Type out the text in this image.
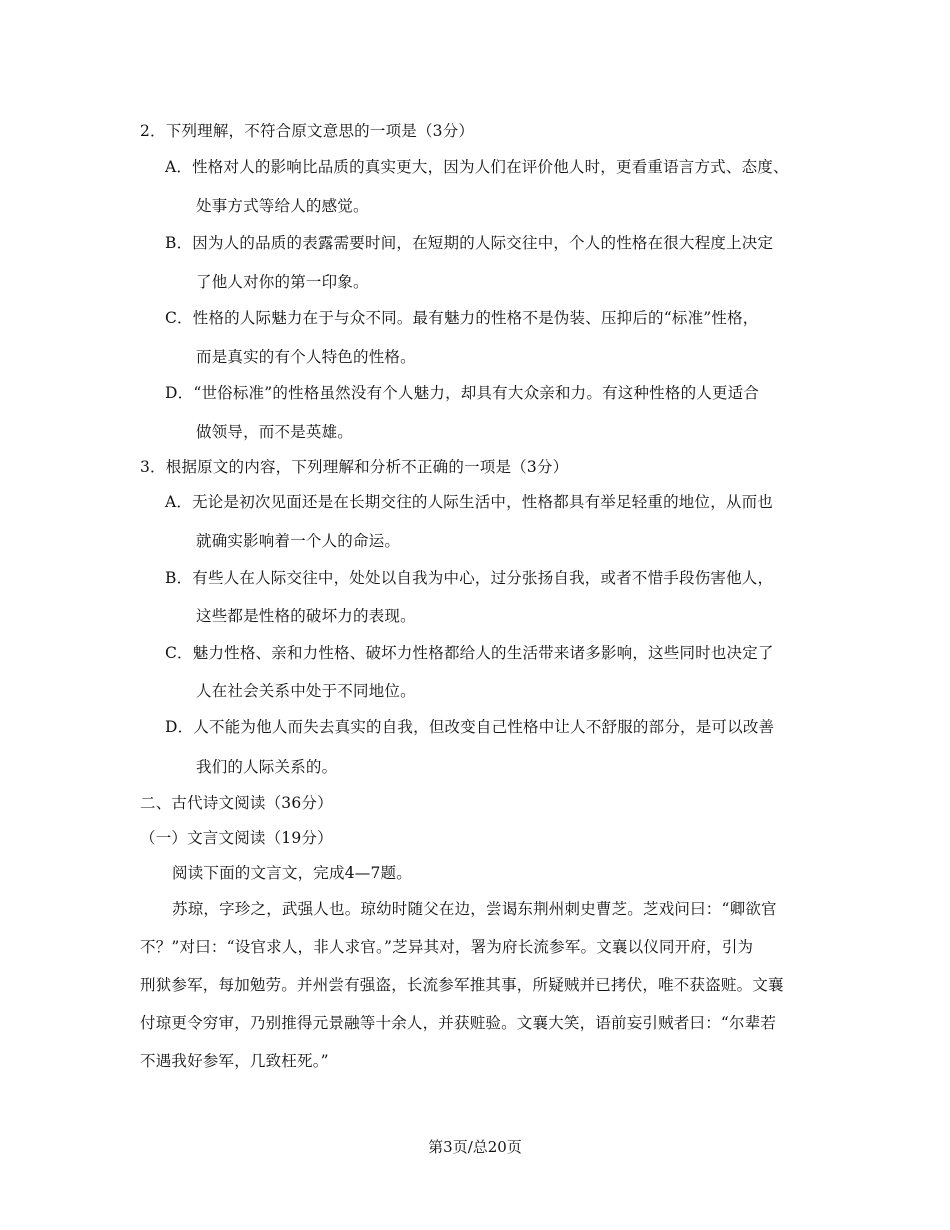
2．下列理解，不符合原文意思的一项是（3分）
A．性格对人的影响比品质的真实更大，因为人们在评价他人时，更看重语言方式、态度、
处事方式等给人的感觉。
B．因为人的品质的表露需要时间，在短期的人际交往中，个人的性格在很大程度上决定
了他人对你的第一印象。
C．性格的人际魅力在于与众不同。最有魅力的性格不是伪装、压抑后的“标准”性格，
而是真实的有个人特色的性格。
D．“世俗标准”的性格虽然没有个人魅力，却具有大众亲和力。有这种性格的人更适合
做领导，而不是英雄。
3．根据原文的内容，下列理解和分析不正确的一项是（3分）
A．无论是初次见面还是在长期交往的人际生活中，性格都具有举足轻重的地位，从而也
就确实影响着一个人的命运。
B．有些人在人际交往中，处处以自我为中心，过分张扬自我，或者不惜手段伤害他人，
这些都是性格的破坏力的表现。
C．魅力性格、亲和力性格、破坏力性格都给人的生活带来诸多影响，这些同时也决定了
人在社会关系中处于不同地位。
D．人不能为他人而失去真实的自我，但改变自己性格中让人不舒服的部分，是可以改善
我们的人际关系的。
二、古代诗文阅读（36分）
（一）文言文阅读（19分）
阅读下面的文言文，完成4—7题。
苏琼，字珍之，武强人也。琼幼时随父在边，尝谒东荆州刺史曹芝。芝戏问曰：“卿欲官
不？”对曰：“设官求人，非人求官。”芝异其对，署为府长流参军。文襄以仪同开府，引为
刑狱参军，每加勉劳。并州尝有强盗，长流参军推其事，所疑贼并已拷伏，唯不获盗赃。文襄
付琼更令穷审，乃别推得元景融等十余人，并获赃验。文襄大笑，语前妄引贼者曰：“尔辈若
不遇我好参军，几致枉死。”
第3页/总20页
